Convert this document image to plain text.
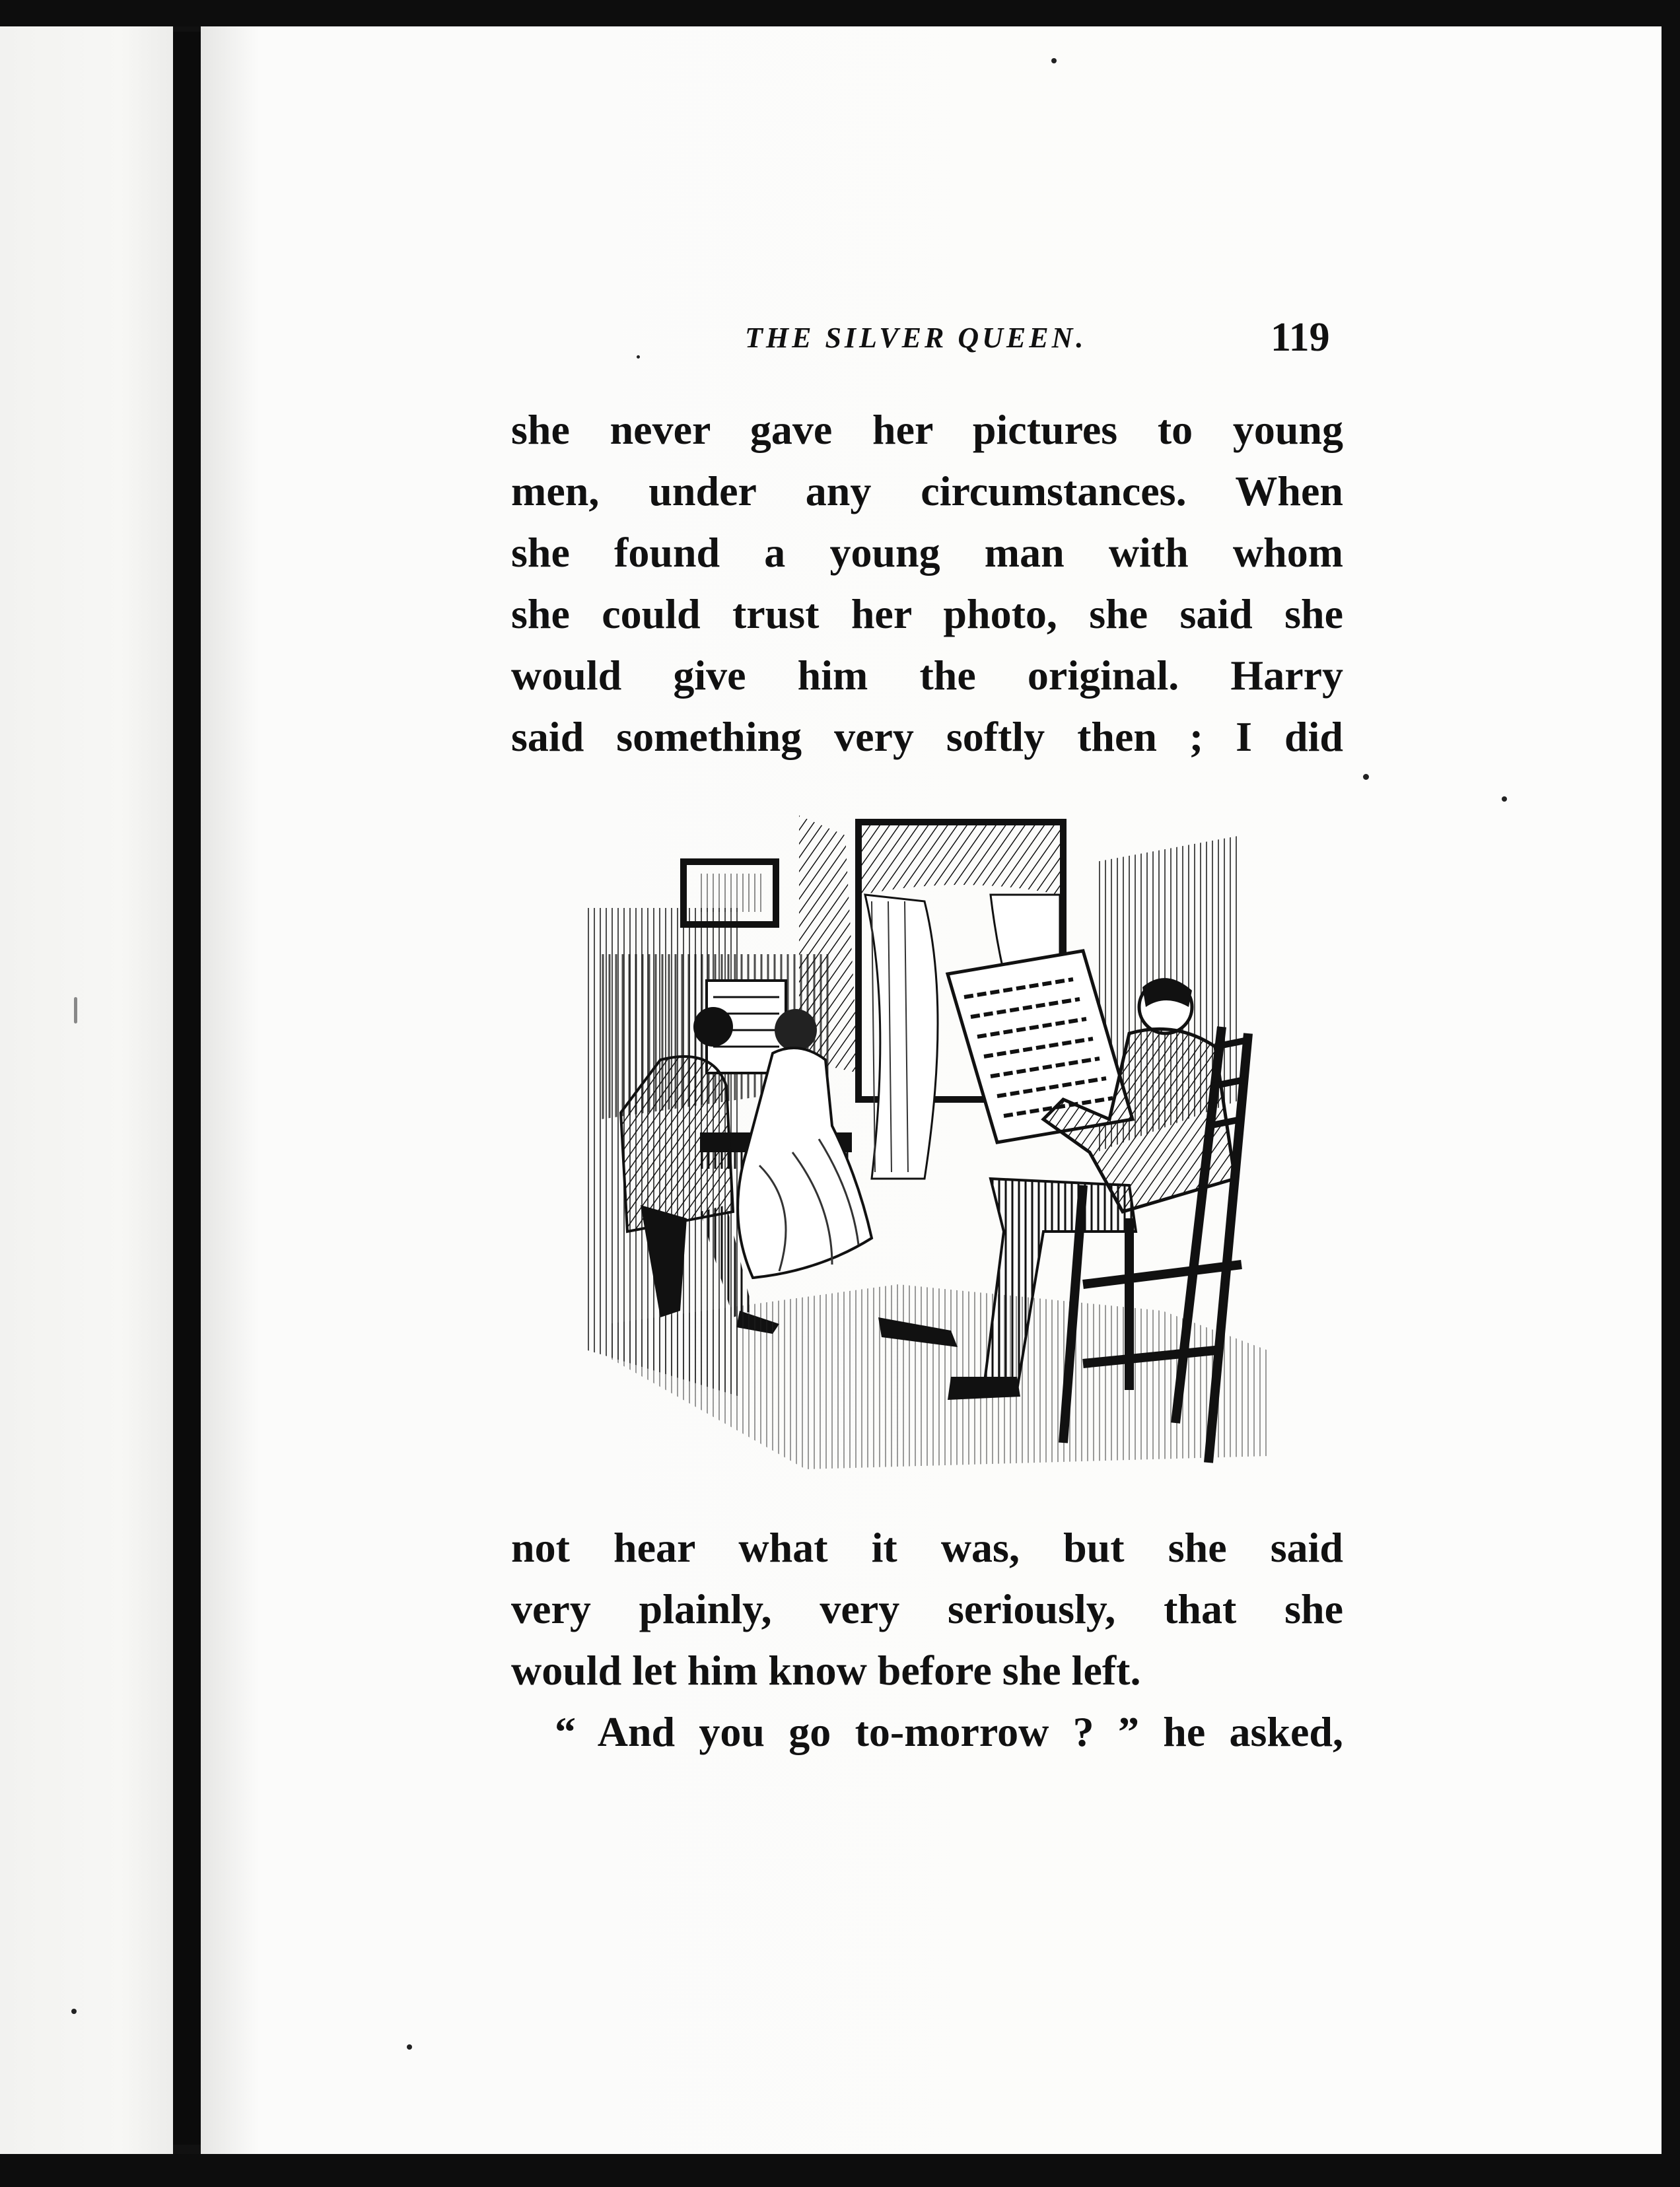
THE SILVER QUEEN.	119
she never gave her pictures to young
men, under any circumstances. When
she found a young man with whom
she could trust her photo, she said she
would give him the original. Harry
said something very softly then ; I did
not hear what it was, but she said
very plainly, very seriously, that she
would let him know before she left.
“ And you go to-morrow ? ” he asked,
